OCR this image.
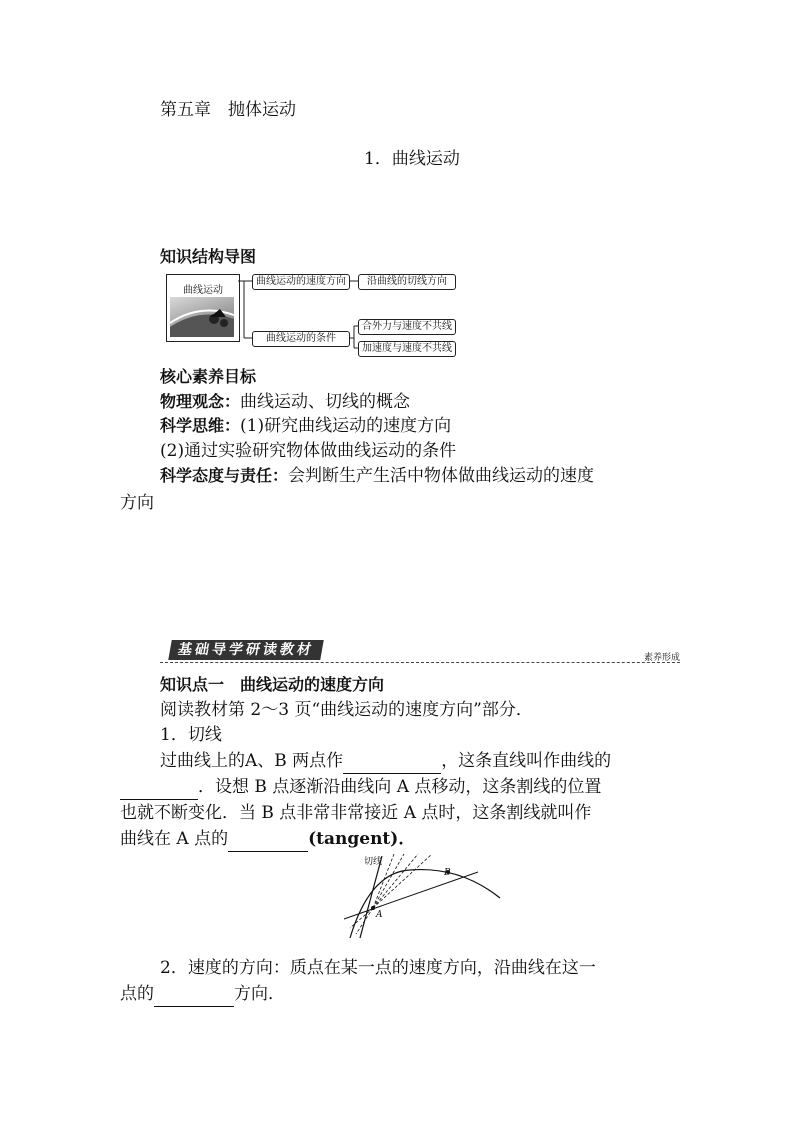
第五章　抛体运动
1．曲线运动
知识结构导图
曲线运动
曲线运动的速度方向	沿曲线的切线方向
曲线运动的条件
合外力与速度不共线
加速度与速度不共线
核心素养目标
物理观念：曲线运动、切线的概念
科学思维：(1)研究曲线运动的速度方向
(2)通过实验研究物体做曲线运动的条件
科学态度与责任：会判断生产生活中物体做曲线运动的速度
方向
基础导学研读教材	素养形成
知识点一　曲线运动的速度方向
阅读教材第 2～3 页“曲线运动的速度方向”部分．
1．切线
过曲线上的A、B 两点作	，这条直线叫作曲线的
．设想 B 点逐渐沿曲线向 A 点移动，这条割线的位置
也就不断变化．当 B 点非常非常接近 A 点时，这条割线就叫作
曲线在 A 点的	(tangent)．
切线
A
B
2．速度的方向：质点在某一点的速度方向，沿曲线在这一
点的	方向．
